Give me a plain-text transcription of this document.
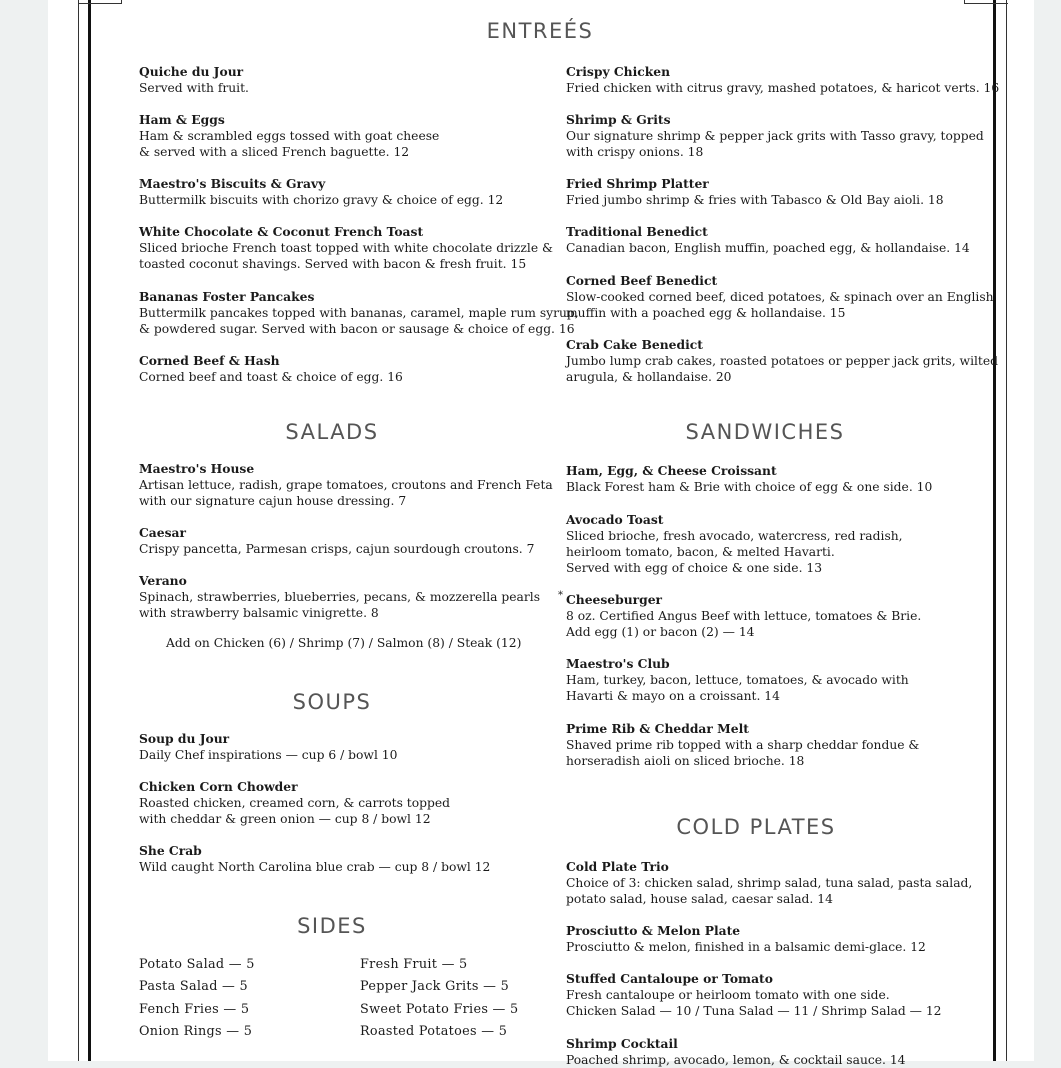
ENTREÉS
SALADS	SANDWICHES
SOUPS
SIDES
COLD PLATES
Quiche du Jour
Served with fruit.
Ham & Eggs
Ham & scrambled eggs tossed with goat cheese
& served with a sliced French baguette. 12
Maestro's Biscuits & Gravy
Buttermilk biscuits with chorizo gravy & choice of egg. 12
White Chocolate & Coconut French Toast
Sliced brioche French toast topped with white chocolate drizzle &
toasted coconut shavings. Served with bacon & fresh fruit. 15
Bananas Foster Pancakes
Buttermilk pancakes topped with bananas, caramel, maple rum syrup,
& powdered sugar. Served with bacon or sausage & choice of egg. 16
Corned Beef & Hash
Corned beef and toast & choice of egg. 16
Crispy Chicken
Fried chicken with citrus gravy, mashed potatoes, & haricot verts. 16
Shrimp & Grits
Our signature shrimp & pepper jack grits with Tasso gravy, topped
with crispy onions. 18
Fried Shrimp Platter
Fried jumbo shrimp & fries with Tabasco & Old Bay aioli. 18
Traditional Benedict
Canadian bacon, English muffin, poached egg, & hollandaise. 14
Corned Beef Benedict
Slow-cooked corned beef, diced potatoes, & spinach over an English
muffin with a poached egg & hollandaise. 15
Crab Cake Benedict
Jumbo lump crab cakes, roasted potatoes or pepper jack grits, wilted
arugula, & hollandaise. 20
Maestro's House
Artisan lettuce, radish, grape tomatoes, croutons and French Feta
with our signature cajun house dressing. 7
Caesar
Crispy pancetta, Parmesan crisps, cajun sourdough croutons. 7
Verano
Spinach, strawberries, blueberries, pecans, & mozzerella pearls
with strawberry balsamic vinigrette. 8
Add on Chicken (6) / Shrimp (7) / Salmon (8) / Steak (12)
Soup du Jour
Daily Chef inspirations — cup 6 / bowl 10
Chicken Corn Chowder
Roasted chicken, creamed corn, & carrots topped
with cheddar & green onion — cup 8 / bowl 12
She Crab
Wild caught North Carolina blue crab — cup 8 / bowl 12
Potato Salad — 5
Pasta Salad — 5
Fench Fries — 5
Onion Rings — 5
Fresh Fruit — 5
Pepper Jack Grits — 5
Sweet Potato Fries — 5
Roasted Potatoes — 5
Ham, Egg, & Cheese Croissant
Black Forest ham & Brie with choice of egg & one side. 10
Avocado Toast
Sliced brioche, fresh avocado, watercress, red radish,
heirloom tomato, bacon, & melted Havarti.
Served with egg of choice & one side. 13
* Cheeseburger
8 oz. Certified Angus Beef with lettuce, tomatoes & Brie.
Add egg (1) or bacon (2) — 14
Maestro's Club
Ham, turkey, bacon, lettuce, tomatoes, & avocado with
Havarti & mayo on a croissant. 14
Prime Rib & Cheddar Melt
Shaved prime rib topped with a sharp cheddar fondue &
horseradish aioli on sliced brioche. 18
Cold Plate Trio
Choice of 3: chicken salad, shrimp salad, tuna salad, pasta salad,
potato salad, house salad, caesar salad. 14
Prosciutto & Melon Plate
Prosciutto & melon, finished in a balsamic demi-glace. 12
Stuffed Cantaloupe or Tomato
Fresh cantaloupe or heirloom tomato with one side.
Chicken Salad — 10 / Tuna Salad — 11 / Shrimp Salad — 12
Shrimp Cocktail
Poached shrimp, avocado, lemon, & cocktail sauce. 14
